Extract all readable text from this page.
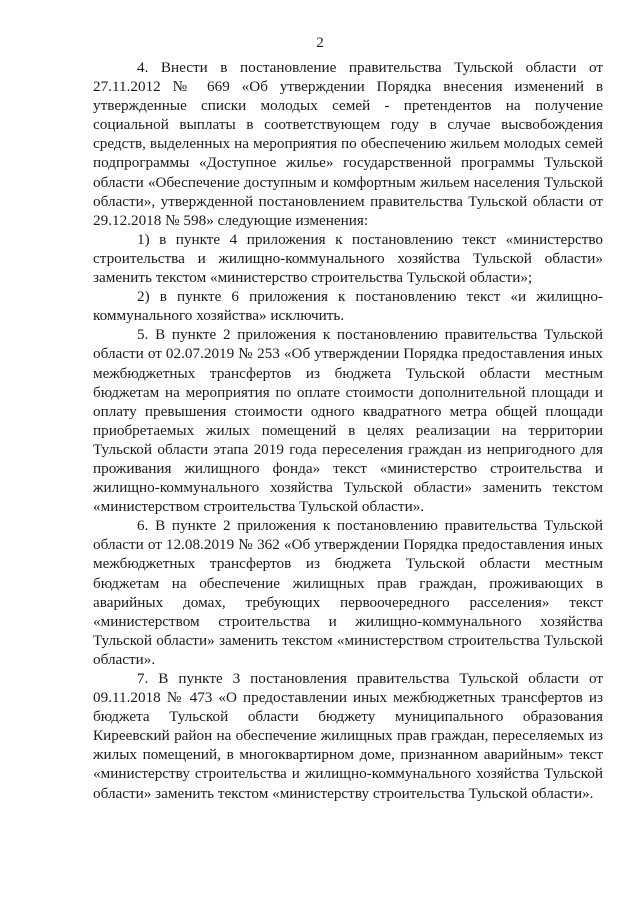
2

4. Внести в постановление правительства Тульской области от 27.11.2012 № 669 «Об утверждении Порядка внесения изменений в утвержденные списки молодых семей - претендентов на получение социальной выплаты в соответствующем году в случае высвобождения средств, выделенных на мероприятия по обеспечению жильем молодых семей подпрограммы «Доступное жилье» государственной программы Тульской области «Обеспечение доступным и комфортным жильем населения Тульской области», утвержденной постановлением правительства Тульской области от 29.12.2018 № 598» следующие изменения:

1) в пункте 4 приложения к постановлению текст «министерство строительства и жилищно-коммунального хозяйства Тульской области» заменить текстом «министерство строительства Тульской области»;

2) в пункте 6 приложения к постановлению текст «и жилищно-коммунального хозяйства» исключить.

5. В пункте 2 приложения к постановлению правительства Тульской области от 02.07.2019 № 253 «Об утверждении Порядка предоставления иных межбюджетных трансфертов из бюджета Тульской области местным бюджетам на мероприятия по оплате стоимости дополнительной площади и оплату превышения стоимости одного квадратного метра общей площади приобретаемых жилых помещений в целях реализации на территории Тульской области этапа 2019 года переселения граждан из непригодного для проживания жилищного фонда» текст «министерство строительства и жилищно-коммунального хозяйства Тульской области» заменить текстом «министерством строительства Тульской области».

6. В пункте 2 приложения к постановлению правительства Тульской области от 12.08.2019 № 362 «Об утверждении Порядка предоставления иных межбюджетных трансфертов из бюджета Тульской области местным бюджетам на обеспечение жилищных прав граждан, проживающих в аварийных домах, требующих первоочередного расселения» текст «министерством строительства и жилищно-коммунального хозяйства Тульской области» заменить текстом «министерством строительства Тульской области».

7. В пункте 3 постановления правительства Тульской области от 09.11.2018 № 473 «О предоставлении иных межбюджетных трансфертов из бюджета Тульской области бюджету муниципального образования Киреевский район на обеспечение жилищных прав граждан, переселяемых из жилых помещений, в многоквартирном доме, признанном аварийным» текст «министерству строительства и жилищно-коммунального хозяйства Тульской области» заменить текстом «министерству строительства Тульской области».
